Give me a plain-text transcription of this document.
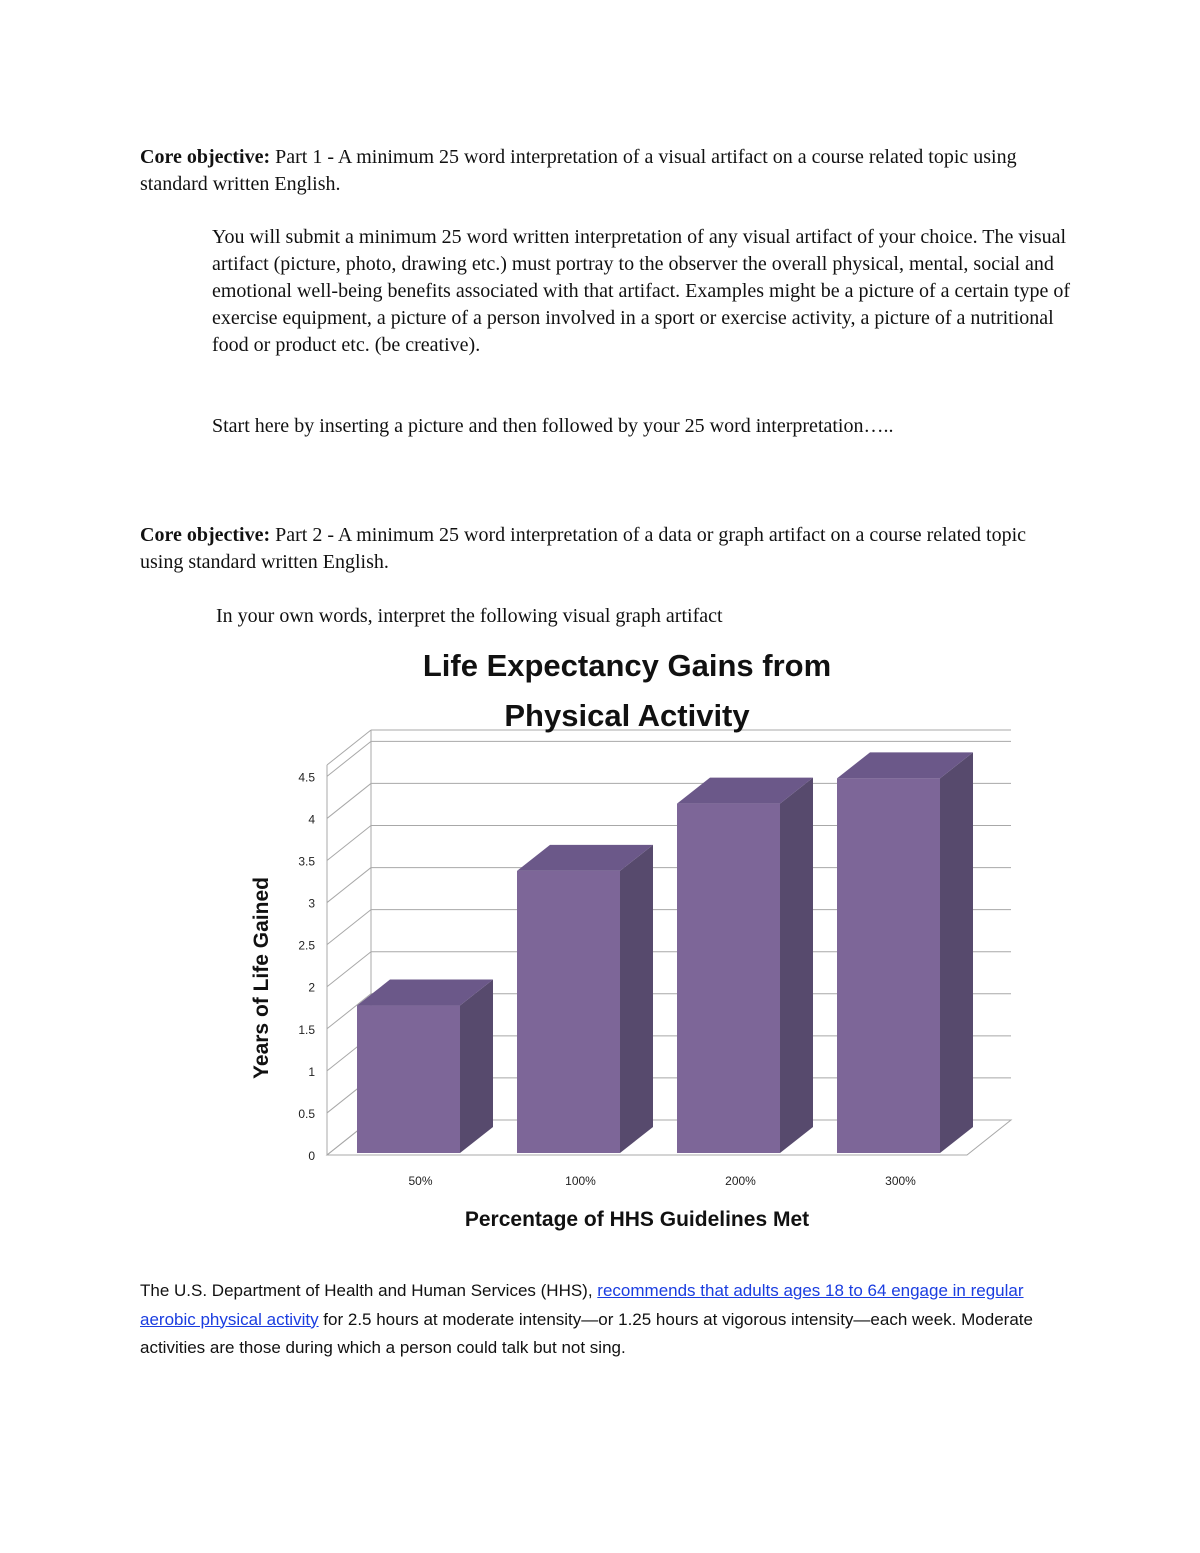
Core objective: Part 1 - A minimum 25 word interpretation of a visual artifact on a course related topic using standard written English.

You will submit a minimum 25 word written interpretation of any visual artifact of your choice. The visual artifact (picture, photo, drawing etc.) must portray to the observer the overall physical, mental, social and emotional well-being benefits associated with that artifact. Examples might be a picture of a certain type of exercise equipment, a picture of a person involved in a sport or exercise activity, a picture of a nutritional food or product etc. (be creative).

Start here by inserting a picture and then followed by your 25 word interpretation…..

Core objective: Part 2 - A minimum 25 word interpretation of a data or graph artifact on a course related topic using standard written English.

In your own words, interpret the following visual graph artifact

0
0.5
1
1.5
2
2.5
3
3.5
4
4.5
50%	100%	200%	300%
Life Expectancy Gains from
Physical Activity
Years of Life Gained
Percentage of HHS Guidelines Met

The U.S. Department of Health and Human Services (HHS), recommends that adults ages 18 to 64 engage in regular aerobic physical activity for 2.5 hours at moderate intensity—or 1.25 hours at vigorous intensity—each week. Moderate activities are those during which a person could talk but not sing.
